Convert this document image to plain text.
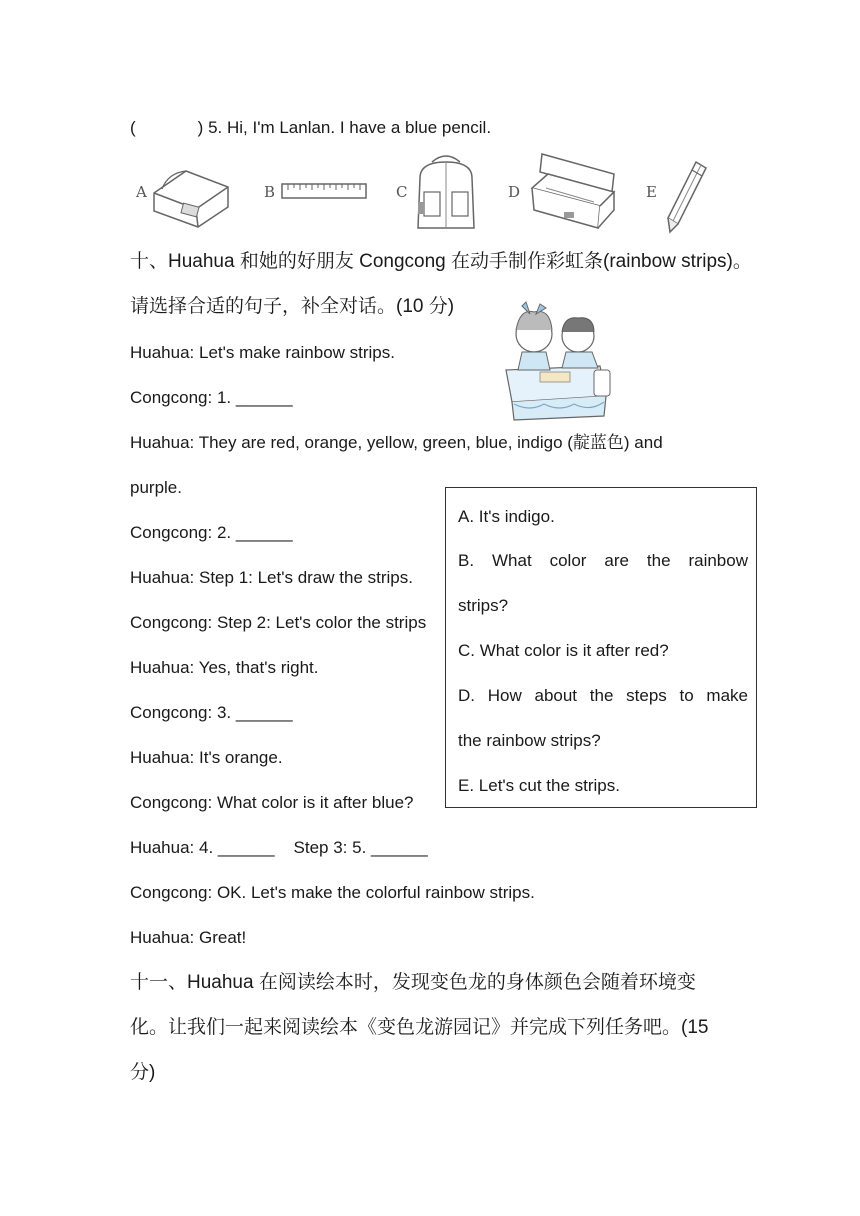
(	) 5. Hi, I'm Lanlan. I have a blue pencil.
A	B	C	D	E
十、Huahua 和她的好朋友 Congcong 在动手制作彩虹条(rainbow strips)。
请选择合适的句子，补全对话。(10 分)
Huahua: Let's make rainbow strips.
Congcong: 1. ______
Huahua: They are red, orange, yellow, green, blue, indigo (靛蓝色) and
purple.
Congcong: 2. ______
Huahua: Step 1: Let's draw the strips.
Congcong: Step 2: Let's color the strips
Huahua: Yes, that's right.
Congcong: 3. ______
Huahua: It's orange.
Congcong: What color is it after blue?
Huahua: 4. ______    Step 3: 5. ______
Congcong: OK. Let's make the colorful rainbow strips.
Huahua: Great!
A. It's indigo.
B. What color are the rainbow
strips?
C. What color is it after red?
D. How about the steps to make
the rainbow strips?
E. Let's cut the strips.
十一、Huahua 在阅读绘本时，发现变色龙的身体颜色会随着环境变
化。让我们一起来阅读绘本《变色龙游园记》并完成下列任务吧。(15
分)
